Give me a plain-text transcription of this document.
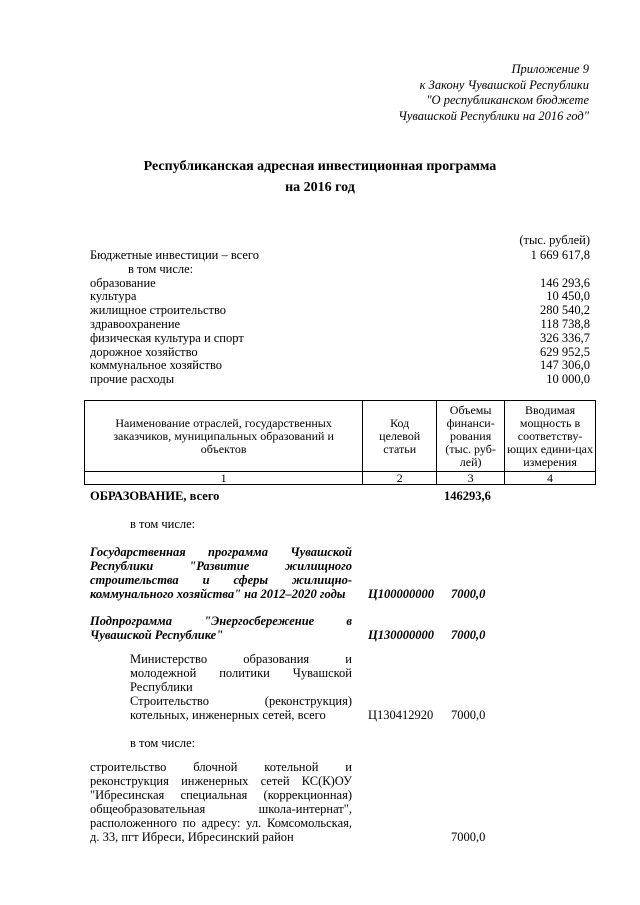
Приложение 9
к Закону Чувашской Республики
"О республиканском бюджете
Чувашской Республики на 2016 год"
Республиканская адресная инвестиционная программа
на 2016 год
(тыс. рублей)
Бюджетные инвестиции – всего	1 669 617,8
в том числе:	
образование	146 293,6
культура	10 450,0
жилищное строительство	280 540,2
здравоохранение	118 738,8
физическая культура и спорт	326 336,7
дорожное хозяйство	629 952,5
коммунальное хозяйство	147 306,0
прочие расходы	10 000,0
Наименование отраслей, государственных заказчиков, муниципальных образований и объектов	Код целевой статьи	Объемы финанси-рования (тыс. руб-лей)	Вводимая мощность в соответству-ющих едини-цах измерения

1	2	3	4
ОБРАЗОВАНИЕ, всего	146293,6
в том числе:
Государственная программа Чувашской Республики "Развитие жилищного строительства и сферы жилищно-коммунального хозяйства" на 2012–2020 годы	Ц100000000 7000,0
Подпрограмма "Энергосбережение в Чувашской Республике"	Ц130000000 7000,0
Министерство образования и молодежной политики Чувашской Республики
Строительство (реконструкция) котельных, инженерных сетей, всего	Ц130412920 7000,0
в том числе:
строительство блочной котельной и реконструкция инженерных сетей КС(К)ОУ "Ибресинская специальная (коррекционная) общеобразовательная школа-интернат", расположенного по адресу: ул. Комсомольская, д. 33, пгт Ибреси, Ибресинский район	7000,0
